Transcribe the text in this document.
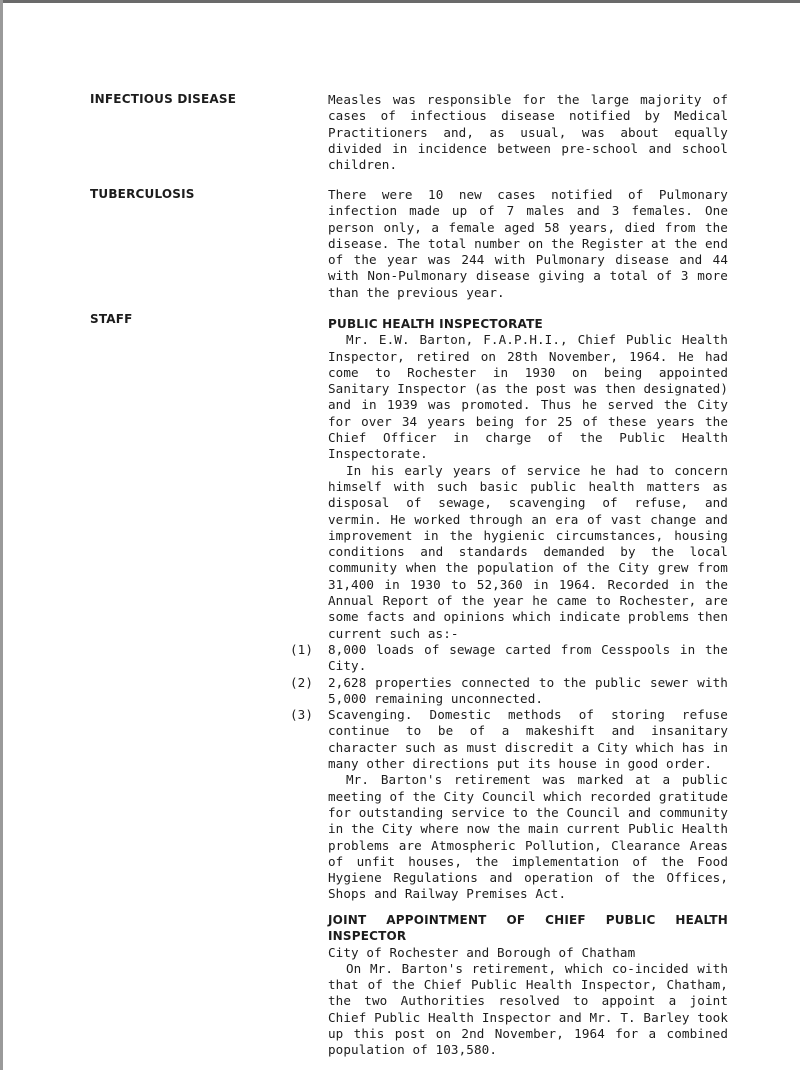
INFECTIOUS DISEASE	Measles was responsible for the large majority of cases of infectious disease notified by Medical Practitioners and, as usual, was about equally divided in incidence between pre-school and school children.

TUBERCULOSIS	There were 10 new cases notified of Pulmonary infection made up of 7 males and 3 females. One person only, a female aged 58 years, died from the disease. The total number on the Register at the end of the year was 244 with Pulmonary disease and 44 with Non-Pulmonary disease giving a total of 3 more than the previous year.

STAFF	PUBLIC HEALTH INSPECTORATE

Mr. E.W. Barton, F.A.P.H.I., Chief Public Health Inspector, retired on 28th November, 1964. He had come to Rochester in 1930 on being appointed Sanitary Inspector (as the post was then designated) and in 1939 was promoted. Thus he served the City for over 34 years being for 25 of these years the Chief Officer in charge of the Public Health Inspectorate.

In his early years of service he had to concern himself with such basic public health matters as disposal of sewage, scavenging of refuse, and vermin. He worked through an era of vast change and improvement in the hygienic circumstances, housing conditions and standards demanded by the local community when the population of the City grew from 31,400 in 1930 to 52,360 in 1964. Recorded in the Annual Report of the year he came to Rochester, are some facts and opinions which indicate problems then current such as:-

(1) 8,000 loads of sewage carted from Cesspools in the City.
(2) 2,628 properties connected to the public sewer with 5,000 remaining unconnected.
(3) Scavenging. Domestic methods of storing refuse continue to be of a makeshift and insanitary character such as must discredit a City which has in many other directions put its house in good order.

Mr. Barton's retirement was marked at a public meeting of the City Council which recorded gratitude for outstanding service to the Council and community in the City where now the main current Public Health problems are Atmospheric Pollution, Clearance Areas of unfit houses, the implementation of the Food Hygiene Regulations and operation of the Offices, Shops and Railway Premises Act.

JOINT APPOINTMENT OF CHIEF PUBLIC HEALTH INSPECTOR

City of Rochester and Borough of Chatham

On Mr. Barton's retirement, which co-incided with that of the Chief Public Health Inspector, Chatham, the two Authorities resolved to appoint a joint Chief Public Health Inspector and Mr. T. Barley took up this post on 2nd November, 1964 for a combined population of 103,580.
